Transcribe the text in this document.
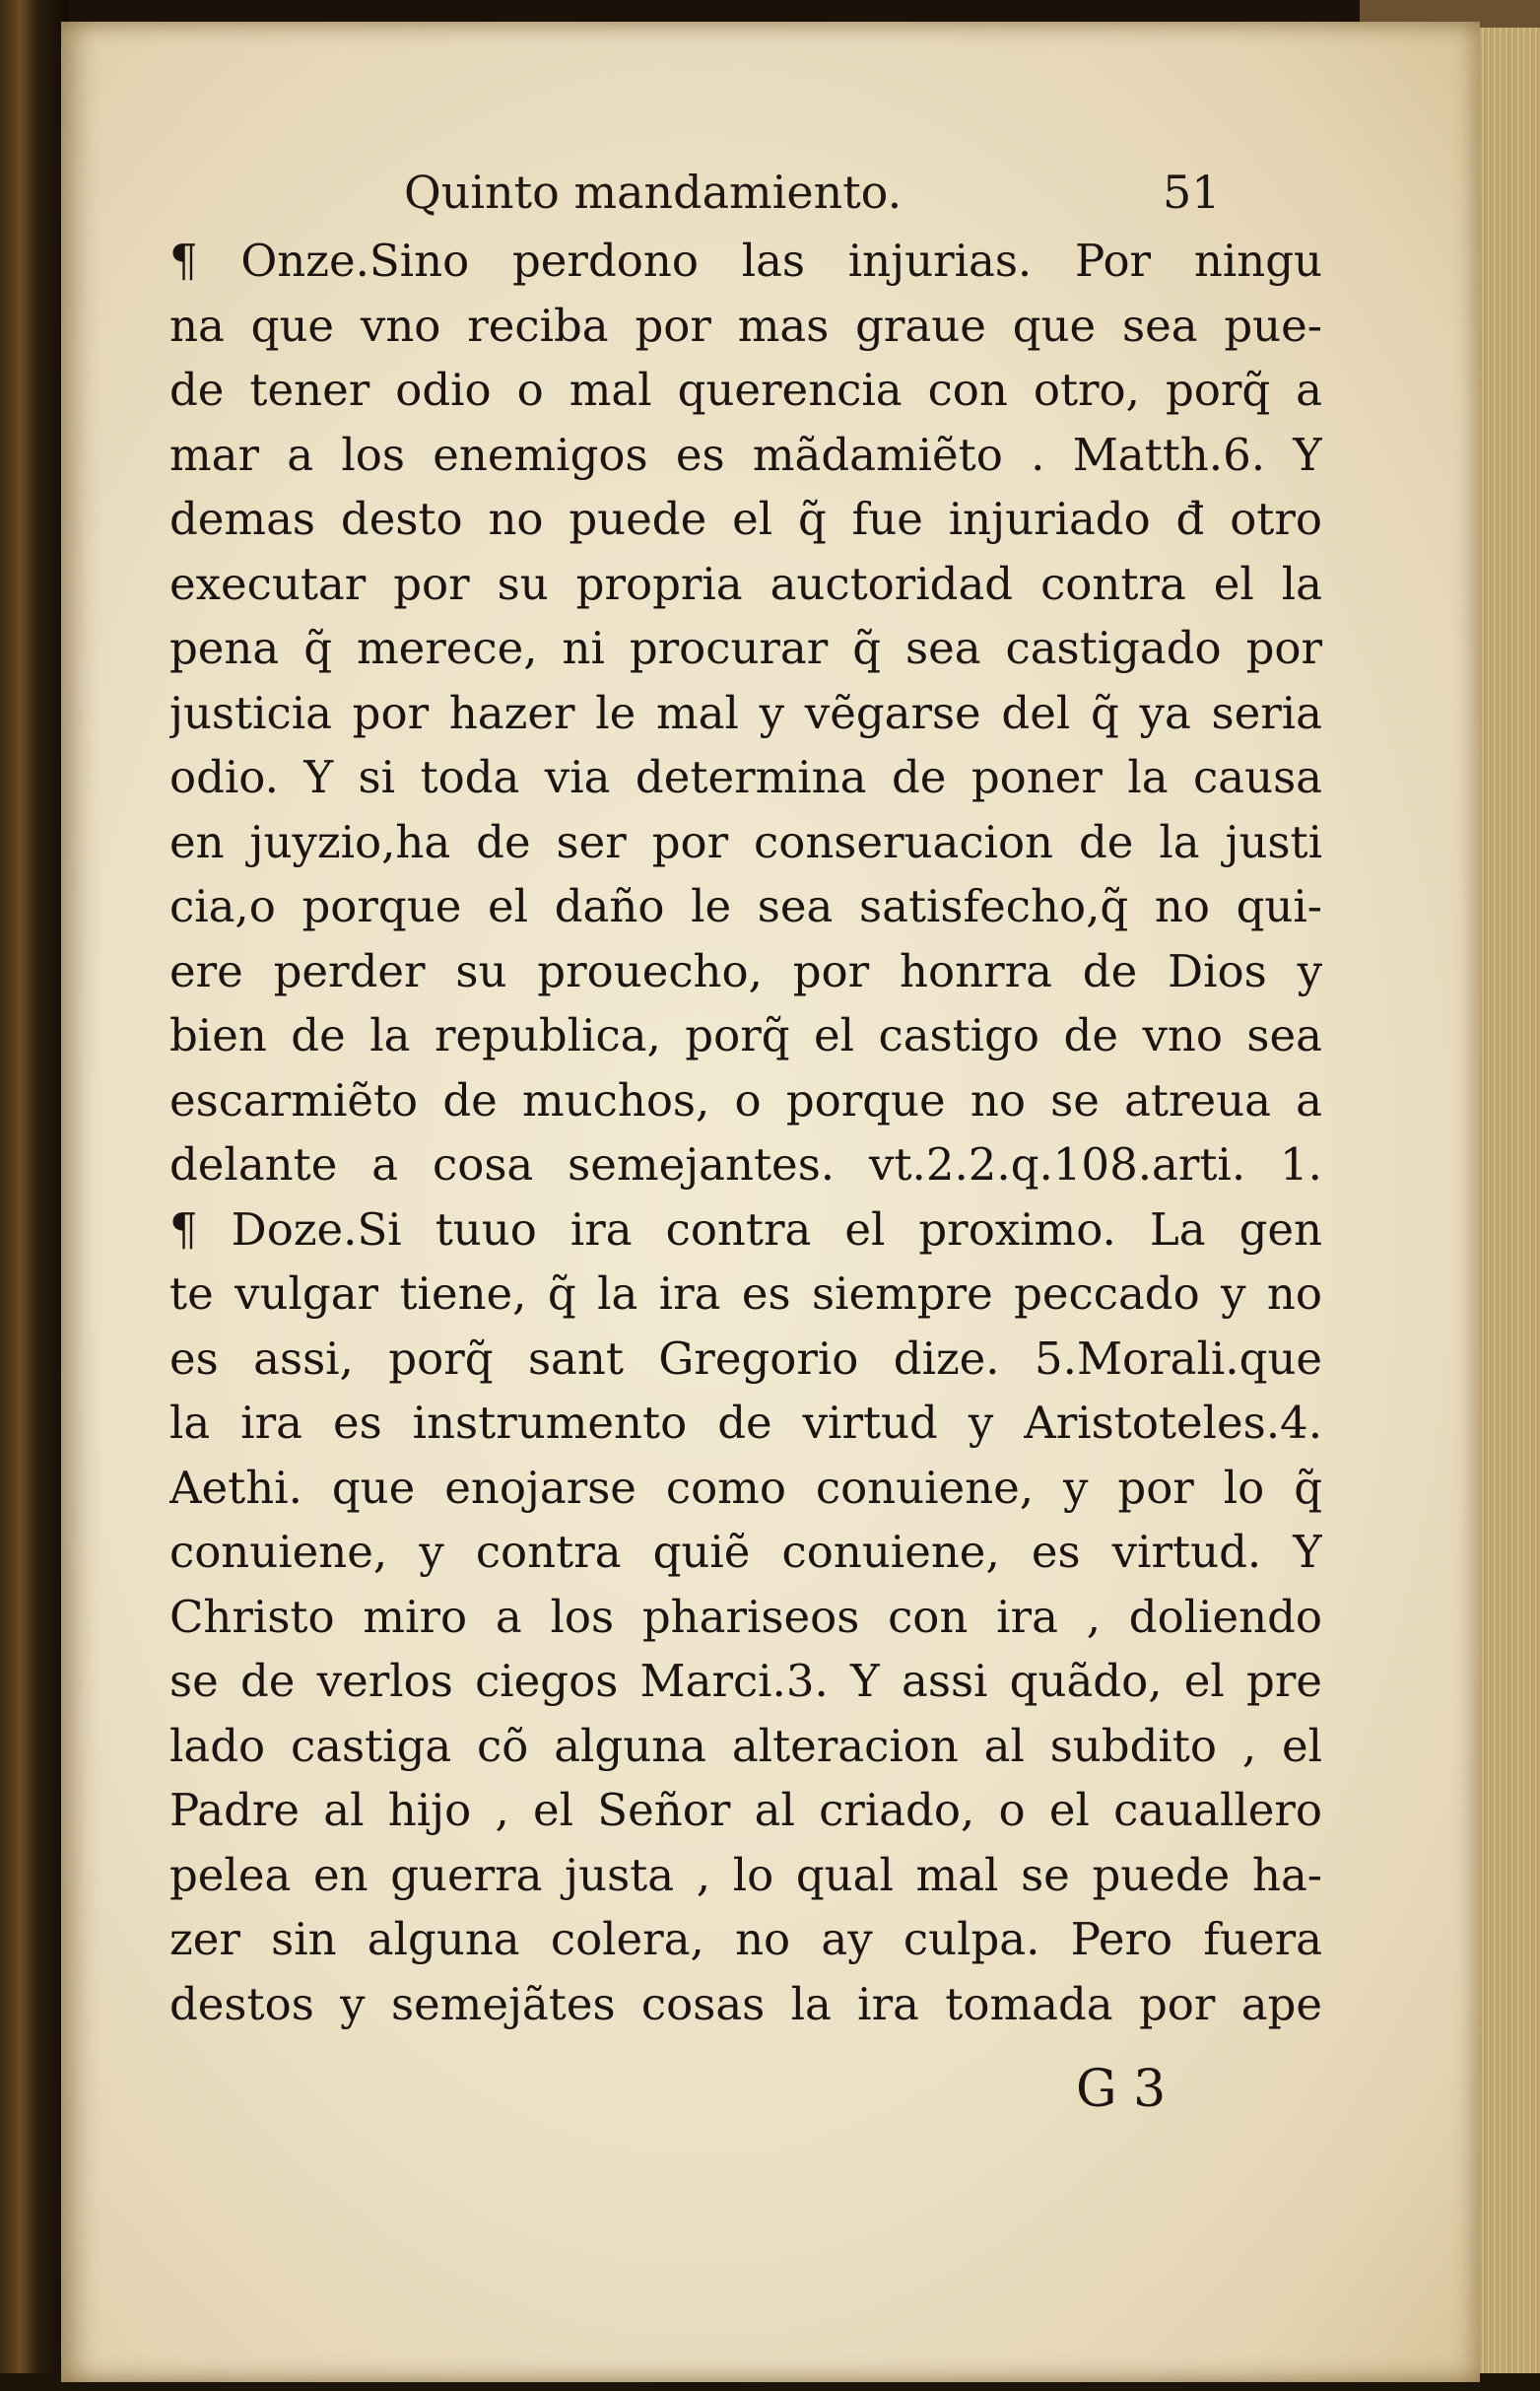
Quinto mandamiento.	51
¶ Onze.Sino perdono las injurias. Por ningu
na que vno reciba por mas graue que sea pue-
de tener odio o mal querencia con otro, porq̃ a
mar a los enemigos es mãdamiẽto . Matth.6. Y
demas desto no puede el q̃ fue injuriado đ otro
executar por su propria auctoridad contra el la
pena q̃ merece, ni procurar q̃ sea castigado por
justicia por hazer le mal y vẽgarse del q̃ ya seria
odio. Y si toda via determina de poner la causa
en juyzio,ha de ser por conseruacion de la justi
cia,o porque el daño le sea satisfecho,q̃ no qui-
ere perder su prouecho, por honrra de Dios y
bien de la republica, porq̃ el castigo de vno sea
escarmiẽto de muchos, o porque no se atreua a
delante a cosa semejantes. vt.2.2.q.108.arti. 1.
¶ Doze.Si tuuo ira contra el proximo. La gen
te vulgar tiene, q̃ la ira es siempre peccado y no
es assi, porq̃ sant Gregorio dize. 5.Morali.que
la ira es instrumento de virtud y Aristoteles.4.
Aethi. que enojarse como conuiene, y por lo q̃
conuiene, y contra quiẽ conuiene, es virtud. Y
Christo miro a los phariseos con ira , doliendo
se de verlos ciegos Marci.3. Y assi quãdo, el pre
lado castiga cõ alguna alteracion al subdito , el
Padre al hijo , el Señor al criado, o el cauallero
pelea en guerra justa , lo qual mal se puede ha-
zer sin alguna colera, no ay culpa. Pero fuera
destos y semejãtes cosas la ira tomada por ape
G 3
